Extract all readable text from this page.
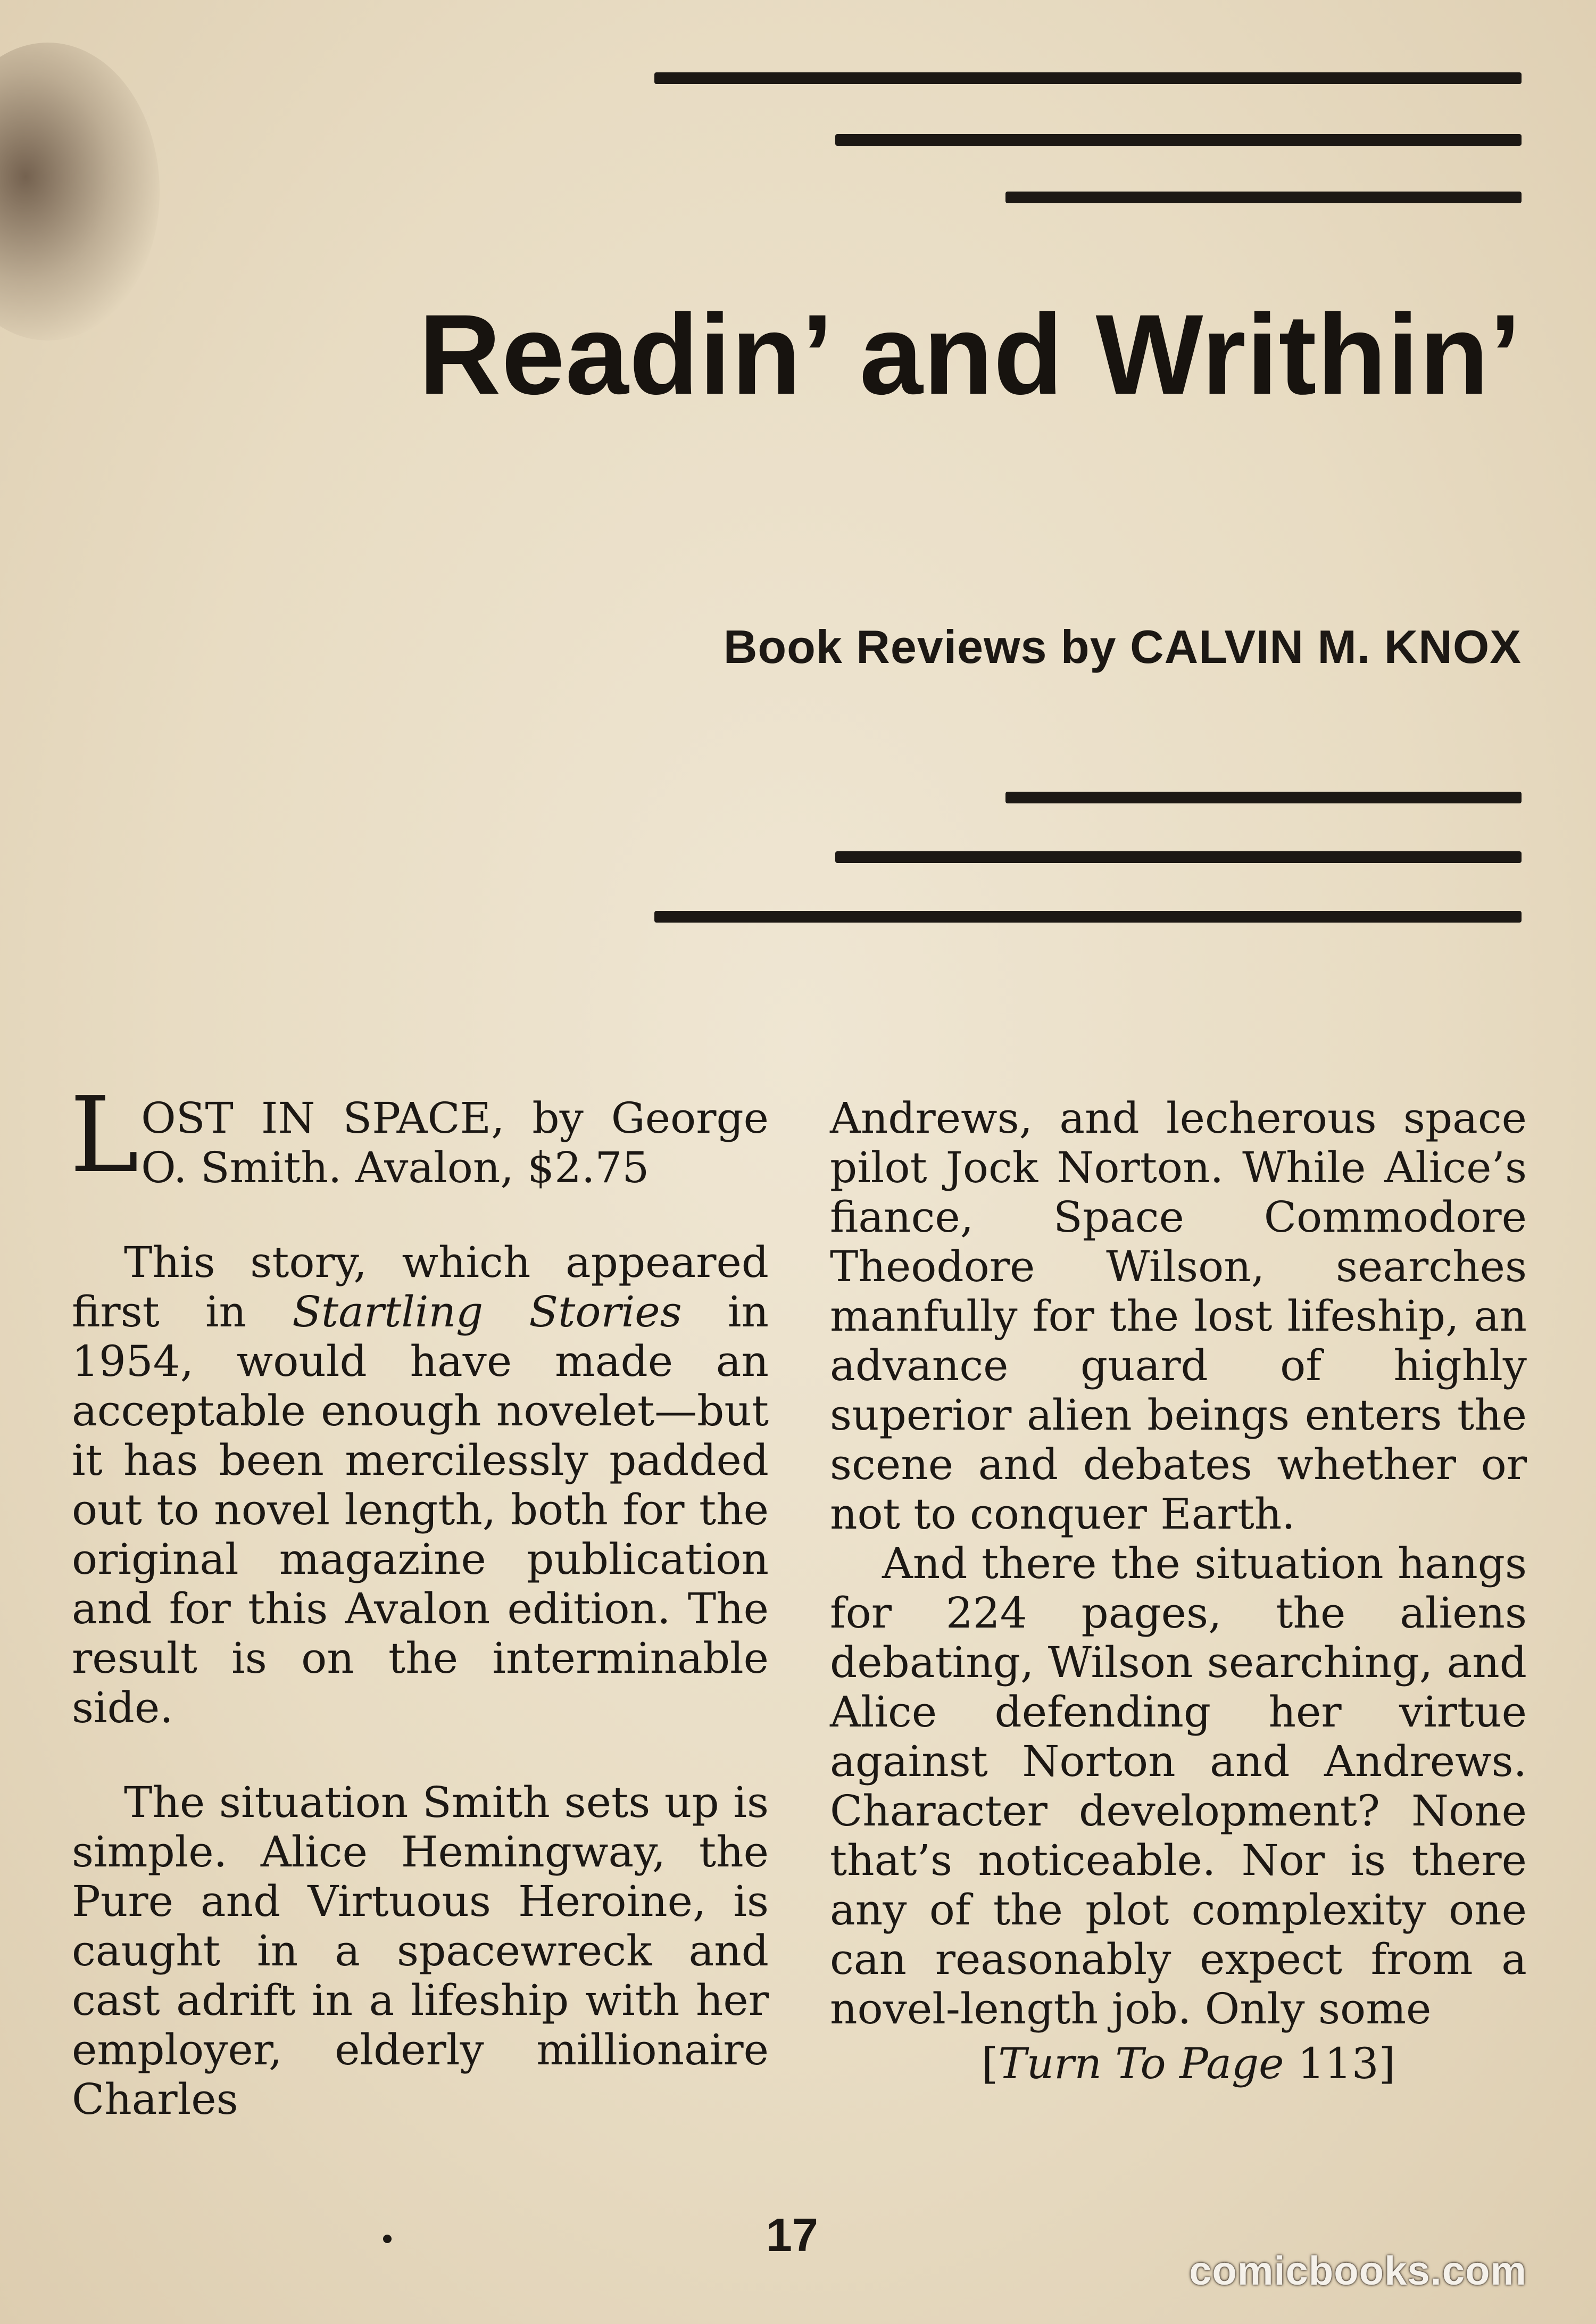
Readin’ and Writhin’
Book Reviews by CALVIN M. KNOX

LOST IN SPACE, by George O. Smith. Avalon, $2.75

This story, which appeared first in Startling Stories in 1954, would have made an acceptable enough novelet—but it has been mercilessly padded out to novel length, both for the original magazine publication and for this Avalon edition. The result is on the interminable side.

The situation Smith sets up is simple. Alice Hemingway, the Pure and Virtuous Heroine, is caught in a spacewreck and cast adrift in a lifeship with her employer, elderly millionaire Charles

Andrews, and lecherous space pilot Jock Norton. While Alice’s fiance, Space Commodore Theodore Wilson, searches manfully for the lost lifeship, an advance guard of highly superior alien beings enters the scene and debates whether or not to conquer Earth.

And there the situation hangs for 224 pages, the aliens debating, Wilson searching, and Alice defending her virtue against Norton and Andrews. Character development? None that’s noticeable. Nor is there any of the plot complexity one can reasonably expect from a novel-length job. Only some

[Turn To Page 113]
17
comicbooks.com
